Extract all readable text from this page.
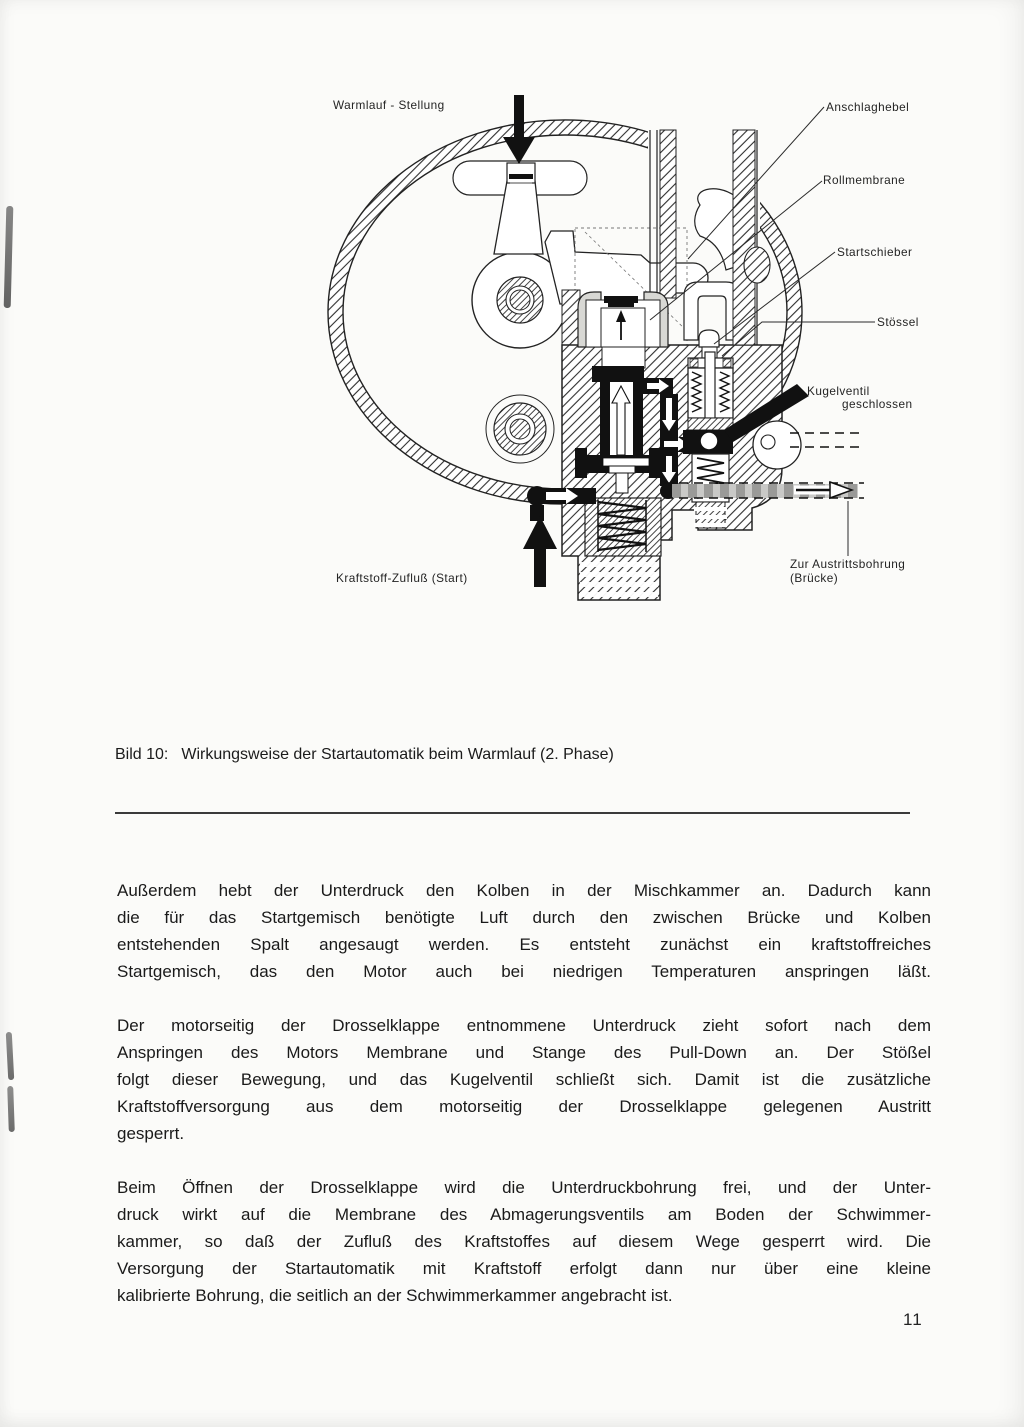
Warmlauf - Stellung	Anschlaghebel
Rollmembrane
Startschieber
Stössel
Kugelventil
geschlossen
Zur Austrittsbohrung
(Brücke)
Kraftstoff-Zufluß (Start)
Bild 10: Wirkungsweise der Startautomatik beim Warmlauf (2. Phase)
Außerdem hebt der Unterdruck den Kolben in der Mischkammer an. Dadurch kann
die für das Startgemisch benötigte Luft durch den zwischen Brücke und Kolben
entstehenden Spalt angesaugt werden. Es entsteht zunächst ein kraftstoffreiches
Startgemisch, das den Motor auch bei niedrigen Temperaturen anspringen läßt.
Der motorseitig der Drosselklappe entnommene Unterdruck zieht sofort nach dem
Anspringen des Motors Membrane und Stange des Pull-Down an. Der Stößel
folgt dieser Bewegung, und das Kugelventil schließt sich. Damit ist die zusätzliche
Kraftstoffversorgung aus dem motorseitig der Drosselklappe gelegenen Austritt
gesperrt.
Beim Öffnen der Drosselklappe wird die Unterdruckbohrung frei, und der Unter-
druck wirkt auf die Membrane des Abmagerungsventils am Boden der Schwimmer-
kammer, so daß der Zufluß des Kraftstoffes auf diesem Wege gesperrt wird. Die
Versorgung der Startautomatik mit Kraftstoff erfolgt dann nur über eine kleine
kalibrierte Bohrung, die seitlich an der Schwimmerkammer angebracht ist.
11
